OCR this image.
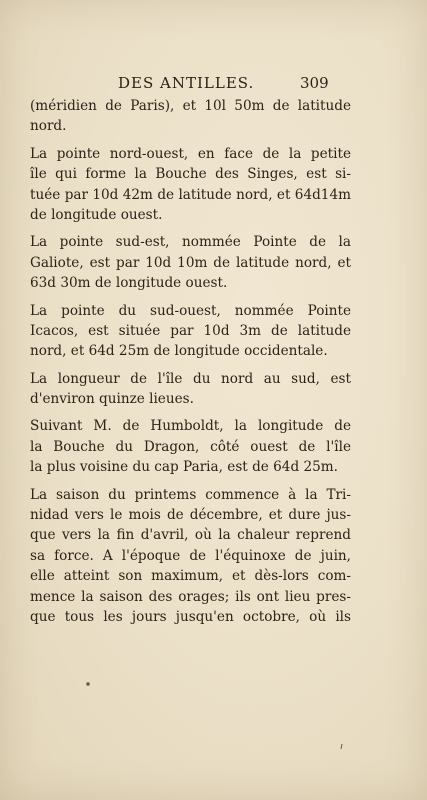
DES ANTILLES.	309
(méridien de Paris), et 10l 50m de latitude
nord.
La pointe nord-ouest, en face de la petite
île qui forme la Bouche des Singes, est si-
tuée par 10d 42m de latitude nord, et 64d14m
de longitude ouest.
La pointe sud-est, nommée Pointe de la
Galiote, est par 10d 10m de latitude nord, et
63d 30m de longitude ouest.
La pointe du sud-ouest, nommée Pointe
Icacos, est située par 10d 3m de latitude
nord, et 64d 25m de longitude occidentale.
La longueur de l'île du nord au sud, est
d'environ quinze lieues.
Suivant M. de Humboldt, la longitude de
la Bouche du Dragon, côté ouest de l'île
la plus voisine du cap Paria, est de 64d 25m.
La saison du printems commence à la Tri-
nidad vers le mois de décembre, et dure jus-
que vers la fin d'avril, où la chaleur reprend
sa force. A l'époque de l'équinoxe de juin,
elle atteint son maximum, et dès-lors com-
mence la saison des orages; ils ont lieu pres-
que tous les jours jusqu'en octobre, où ils
